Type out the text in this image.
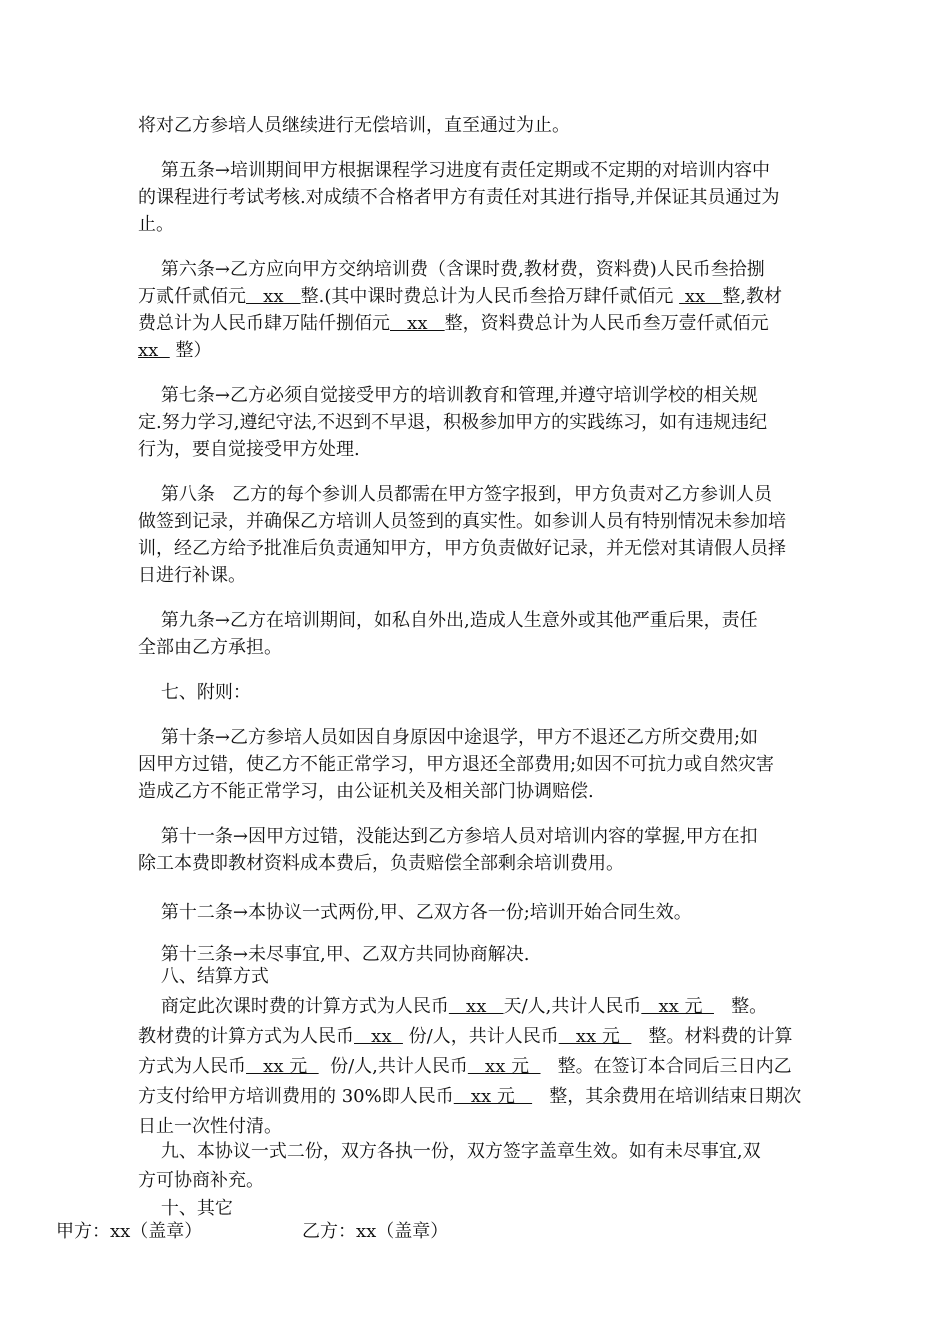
将对乙方参培人员继续进行无偿培训，直至通过为止。
第五条→培训期间甲方根据课程学习进度有责任定期或不定期的对培训内容中
的课程进行考试考核.对成绩不合格者甲方有责任对其进行指导,并保证其员通过为
止。
第六条→乙方应向甲方交纳培训费（含课时费,教材费，资料费)人民币叁拾捌
万贰仟贰佰元   xx   整.(其中课时费总计为人民币叁拾万肆仟贰佰元  xx   整,教材
费总计为人民币肆万陆仟捌佰元   xx   整，资料费总计为人民币叁万壹仟贰佰元
xx   整）
第七条→乙方必须自觉接受甲方的培训教育和管理,并遵守培训学校的相关规
定.努力学习,遵纪守法,不迟到不早退，积极参加甲方的实践练习，如有违规违纪
行为，要自觉接受甲方处理.
第八条   乙方的每个参训人员都需在甲方签字报到，甲方负责对乙方参训人员
做签到记录，并确保乙方培训人员签到的真实性。如参训人员有特别情况未参加培
训，经乙方给予批准后负责通知甲方，甲方负责做好记录，并无偿对其请假人员择
日进行补课。
第九条→乙方在培训期间，如私自外出,造成人生意外或其他严重后果，责任
全部由乙方承担。
七、附则：
第十条→乙方参培人员如因自身原因中途退学，甲方不退还乙方所交费用;如
因甲方过错，使乙方不能正常学习，甲方退还全部费用;如因不可抗力或自然灾害
造成乙方不能正常学习，由公证机关及相关部门协调赔偿.
第十一条→因甲方过错，没能达到乙方参培人员对培训内容的掌握,甲方在扣
除工本费即教材资料成本费后，负责赔偿全部剩余培训费用。
第十二条→本协议一式两份,甲、乙双方各一份;培训开始合同生效。
第十三条→未尽事宜,甲、乙双方共同协商解决.
八、结算方式
商定此次课时费的计算方式为人民币   xx   天/人,共计人民币   xx 元     整。
教材费的计算方式为人民币   xx   份/人，共计人民币   xx 元     整。材料费的计算
方式为人民币   xx 元    份/人,共计人民币   xx 元     整。在签订本合同后三日内乙
方支付给甲方培训费用的 30%即人民币   xx 元      整，其余费用在培训结束日期次
日止一次性付清。
九、本协议一式二份，双方各执一份，双方签字盖章生效。如有未尽事宜,双
方可协商补充。
十、其它
甲方：xx（盖章）	乙方：xx（盖章）
